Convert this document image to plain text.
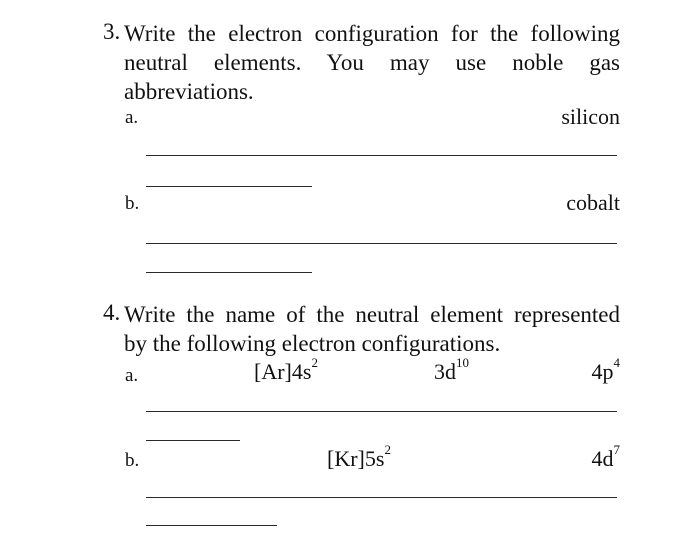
3. Write the electron configuration for the following
neutral elements. You may use noble gas
abbreviations.
a.	silicon
b.	cobalt
4. Write the name of the neutral element represented
by the following electron configurations.
a.	$[Ar]4s^2$	$3d^{10}$	$4p^4$
b.	$[Kr]5s^2$	$4d^7$
